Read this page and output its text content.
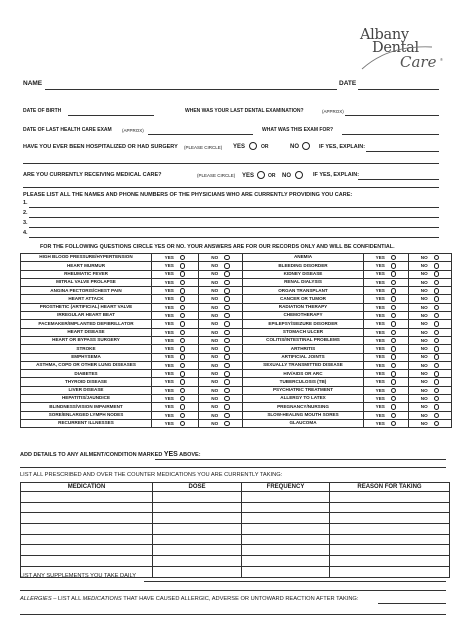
Albany
Dental
Care ®
NAME	DATE
DATE OF BIRTH	WHEN WAS YOUR LAST DENTAL EXAMINATION?	(APPROX)
DATE OF LAST HEALTH CARE EXAM (APPROX)	WHAT WAS THIS EXAM FOR?
HAVE YOU EVER BEEN HOSPITALIZED OR HAD SURGERY (PLEASE CIRCLE) YES	OR	NO	IF YES, EXPLAIN:
ARE YOU CURRENTLY RECEIVING MEDICAL CARE?	(PLEASE CIRCLE) YES	OR NO	IF YES, EXPLAIN:
PLEASE LIST ALL THE NAMES AND PHONE NUMBERS OF THE PHYSICIANS WHO ARE CURRENTLY PROVIDING YOU CARE:
1.
2.
3.
4.
FOR THE FOLLOWING QUESTIONS CIRCLE YES OR NO. YOUR ANSWERS ARE FOR OUR RECORDS ONLY AND WILL BE CONFIDENTIAL.
HIGH BLOOD PRESSURE/HYPERTENSION	YES	NO	ANEMIA	YES	NO
HEART MURMUR	YES	NO	BLEEDING DISORDER	YES	NO
RHEUMATIC FEVER	YES	NO	KIDNEY DISEASE	YES	NO
MITRAL VALVE PROLAPSE	YES	NO	RENAL DIALYSIS	YES	NO
ANGINA PECTORIS/CHEST PAIN	YES	NO	ORGAN TRANSPLANT	YES	NO
HEART ATTACK	YES	NO	CANCER OR TUMOR	YES	NO
PROSTHETIC (ARTIFICIAL) HEART VALVE	YES	NO	RADIATION THERAPY	YES	NO
IRREGULAR HEART BEAT	YES	NO	CHEMOTHERAPY	YES	NO
PACEMAKER/IMPLANTED DEFIBRILLATOR	YES	NO	EPILEPSY/SEIZURE DISORDER	YES	NO
HEART DISEASE	YES	NO	STOMACH ULCER	YES	NO
HEART OR BYPASS SURGERY	YES	NO	COLITIS/INTESTINAL PROBLEMS	YES	NO
STROKE	YES	NO	ARTHRITIS	YES	NO
EMPHYSEMA	YES	NO	ARTIFICIAL JOINTS	YES	NO
ASTHMA, COPD OR OTHER LUNG DISEASES	YES	NO	SEXUALLY TRANSMITTED DISEASE	YES	NO
DIABETES	YES	NO	HIV/AIDS OR ARC	YES	NO
THYROID DISEASE	YES	NO	TUBERCULOSIS (TB)	YES	NO
LIVER DISEASE	YES	NO	PSYCHIATRIC TREATMENT	YES	NO
HEPATITIS/JAUNDICE	YES	NO	ALLERGY TO LATEX	YES	NO
BLINDNESS/VISION IMPAIRMENT	YES	NO	PREGNANCY/NURSING	YES	NO
SORE/ENLARGED LYMPH NODES	YES	NO	SLOW-HEALING MOUTH SORES	YES	NO
RECURRENT ILLNESSES	YES	NO	GLAUCOMA	YES	NO
ADD DETAILS TO ANY AILMENT/CONDITION MARKED YES ABOVE:
LIST ALL PRESCRIBED AND OVER THE COUNTER MEDICATIONS YOU ARE CURRENTLY TAKING:
MEDICATION	DOSE	FREQUENCY	REASON FOR TAKING

LIST ANY SUPPLEMENTS YOU TAKE DAILY
ALLERGIES – LIST ALL MEDICATIONS THAT HAVE CAUSED ALLERGIC, ADVERSE OR UNTOWARD REACTION AFTER TAKING:
